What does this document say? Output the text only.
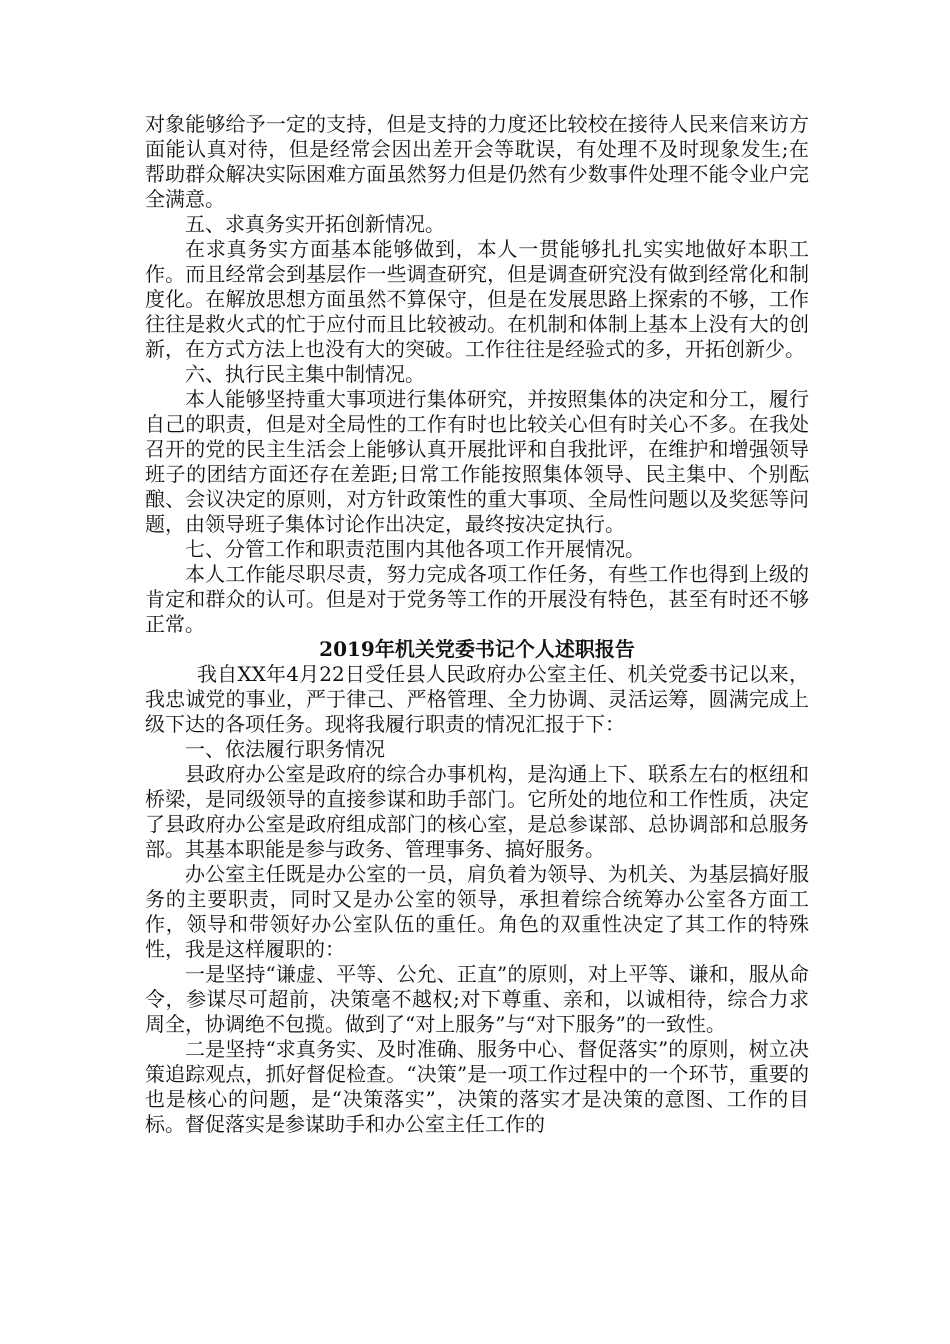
对象能够给予一定的支持，但是支持的力度还比较校在接待人民来信来访方面能认真对待，但是经常会因出差开会等耽误，有处理不及时现象发生;在帮助群众解决实际困难方面虽然努力但是仍然有少数事件处理不能令业户完全满意。

五、求真务实开拓创新情况。

在求真务实方面基本能够做到，本人一贯能够扎扎实实地做好本职工作。而且经常会到基层作一些调查研究，但是调查研究没有做到经常化和制度化。在解放思想方面虽然不算保守，但是在发展思路上探索的不够，工作往往是救火式的忙于应付而且比较被动。在机制和体制上基本上没有大的创新，在方式方法上也没有大的突破。工作往往是经验式的多，开拓创新少。

六、执行民主集中制情况。

本人能够坚持重大事项进行集体研究，并按照集体的决定和分工，履行自己的职责，但是对全局性的工作有时也比较关心但有时关心不多。在我处召开的党的民主生活会上能够认真开展批评和自我批评，在维护和增强领导班子的团结方面还存在差距;日常工作能按照集体领导、民主集中、个别酝酿、会议决定的原则，对方针政策性的重大事项、全局性问题以及奖惩等问题，由领导班子集体讨论作出决定，最终按决定执行。

七、分管工作和职责范围内其他各项工作开展情况。

本人工作能尽职尽责，努力完成各项工作任务，有些工作也得到上级的肯定和群众的认可。但是对于党务等工作的开展没有特色，甚至有时还不够正常。

2019年机关党委书记个人述职报告

我自XX年4月22日受任县人民政府办公室主任、机关党委书记以来，我忠诚党的事业，严于律己、严格管理、全力协调、灵活运筹，圆满完成上级下达的各项任务。现将我履行职责的情况汇报于下：

一、依法履行职务情况

县政府办公室是政府的综合办事机构，是沟通上下、联系左右的枢纽和桥梁，是同级领导的直接参谋和助手部门。它所处的地位和工作性质，决定了县政府办公室是政府组成部门的核心室，是总参谋部、总协调部和总服务部。其基本职能是参与政务、管理事务、搞好服务。

办公室主任既是办公室的一员，肩负着为领导、为机关、为基层搞好服务的主要职责，同时又是办公室的领导，承担着综合统筹办公室各方面工作，领导和带领好办公室队伍的重任。角色的双重性决定了其工作的特殊性，我是这样履职的：

一是坚持“谦虚、平等、公允、正直”的原则，对上平等、谦和，服从命令，参谋尽可超前，决策毫不越权;对下尊重、亲和，以诚相待，综合力求周全，协调绝不包揽。做到了“对上服务”与“对下服务”的一致性。

二是坚持“求真务实、及时准确、服务中心、督促落实”的原则，树立决策追踪观点，抓好督促检查。“决策”是一项工作过程中的一个环节，重要的也是核心的问题，是“决策落实”，决策的落实才是决策的意图、工作的目标。督促落实是参谋助手和办公室主任工作的
